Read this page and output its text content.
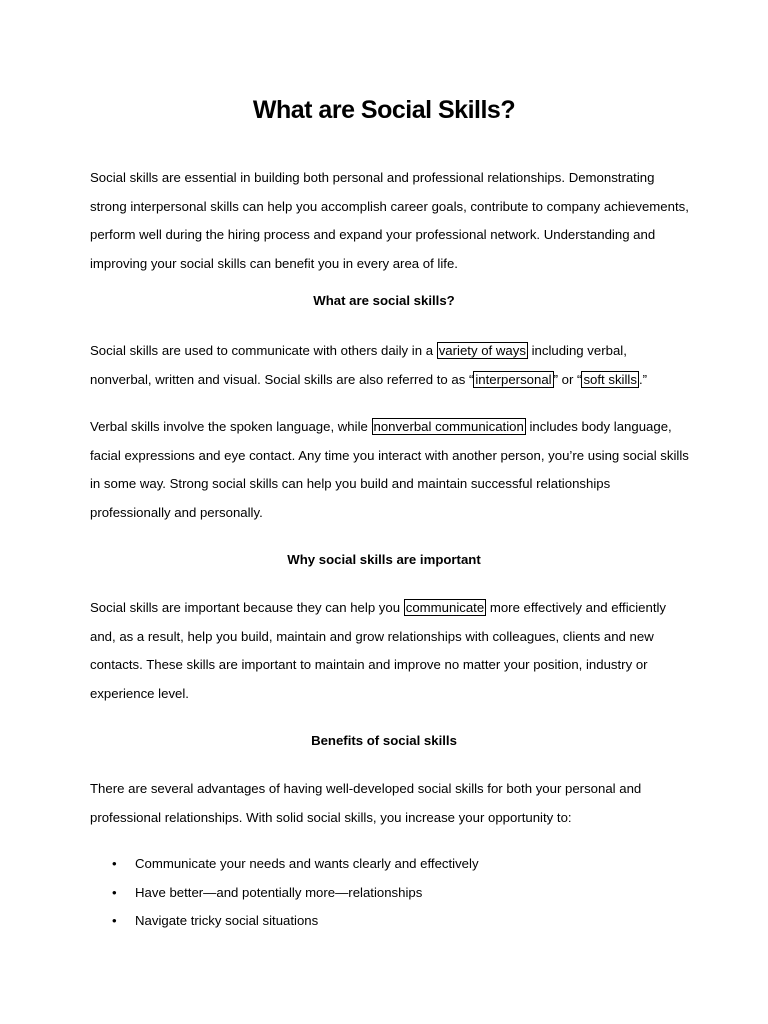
What are Social Skills?

Social skills are essential in building both personal and professional relationships. Demonstrating strong interpersonal skills can help you accomplish career goals, contribute to company achievements, perform well during the hiring process and expand your professional network. Understanding and improving your social skills can benefit you in every area of life.

What are social skills?

Social skills are used to communicate with others daily in a variety of ways including verbal, nonverbal, written and visual. Social skills are also referred to as “ interpersonal ” or “ soft skills .”

Verbal skills involve the spoken language, while nonverbal communication includes body language, facial expressions and eye contact. Any time you interact with another person, you’re using social skills in some way. Strong social skills can help you build and maintain successful relationships professionally and personally.

Why social skills are important

Social skills are important because they can help you communicate more effectively and efficiently and, as a result, help you build, maintain and grow relationships with colleagues, clients and new contacts. These skills are important to maintain and improve no matter your position, industry or experience level.

Benefits of social skills

There are several advantages of having well-developed social skills for both your personal and professional relationships. With solid social skills, you increase your opportunity to:

• Communicate your needs and wants clearly and effectively
• Have better—and potentially more—relationships
• Navigate tricky social situations
